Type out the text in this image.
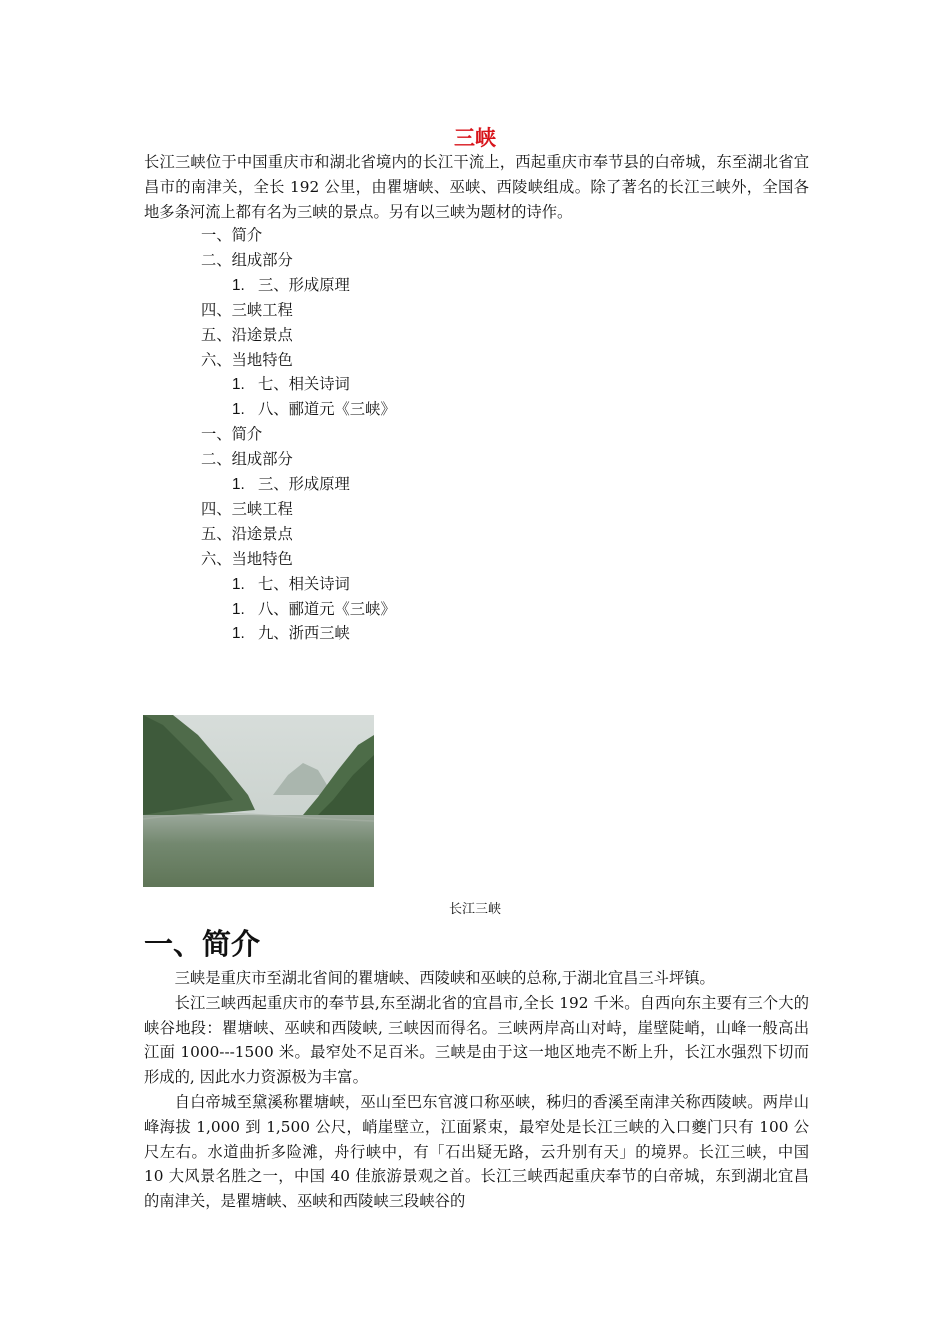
三峡

长江三峡位于中国重庆市和湖北省境内的长江干流上，西起重庆市奉节县的白帝城，东至湖北省宜昌市的南津关，全长 192 公里，由瞿塘峡、巫峡、西陵峡组成。除了著名的长江三峡外，全国各地多条河流上都有名为三峡的景点。另有以三峡为题材的诗作。

一、简介
二、组成部分
1. 三、形成原理
四、三峡工程
五、沿途景点
六、当地特色
1. 七、相关诗词
1. 八、郦道元《三峡》
一、简介
二、组成部分
1. 三、形成原理
四、三峡工程
五、沿途景点
六、当地特色
1. 七、相关诗词
1. 八、郦道元《三峡》
1. 九、浙西三峡
长江三峡
一、简介

三峡是重庆市至湖北省间的瞿塘峡、西陵峡和巫峡的总称,于湖北宜昌三斗坪镇。

长江三峡西起重庆市的奉节县,东至湖北省的宜昌市,全长 192 千米。自西向东主要有三个大的峡谷地段：瞿塘峡、巫峡和西陵峡, 三峡因而得名。三峡两岸高山对峙，崖壁陡峭，山峰一般高出江面 1000---1500 米。最窄处不足百米。三峡是由于这一地区地壳不断上升，长江水强烈下切而形成的, 因此水力资源极为丰富。

自白帝城至黛溪称瞿塘峡，巫山至巴东官渡口称巫峡，秭归的香溪至南津关称西陵峡。两岸山峰海拔 1,000 到 1,500 公尺，峭崖壁立，江面紧束，最窄处是长江三峡的入口夔门只有 100 公尺左右。水道曲折多险滩，舟行峡中，有「石出疑无路，云升别有天」的境界。长江三峡，中国 10 大风景名胜之一，中国 40 佳旅游景观之首。长江三峡西起重庆奉节的白帝城，东到湖北宜昌的南津关，是瞿塘峡、巫峡和西陵峡三段峡谷的
